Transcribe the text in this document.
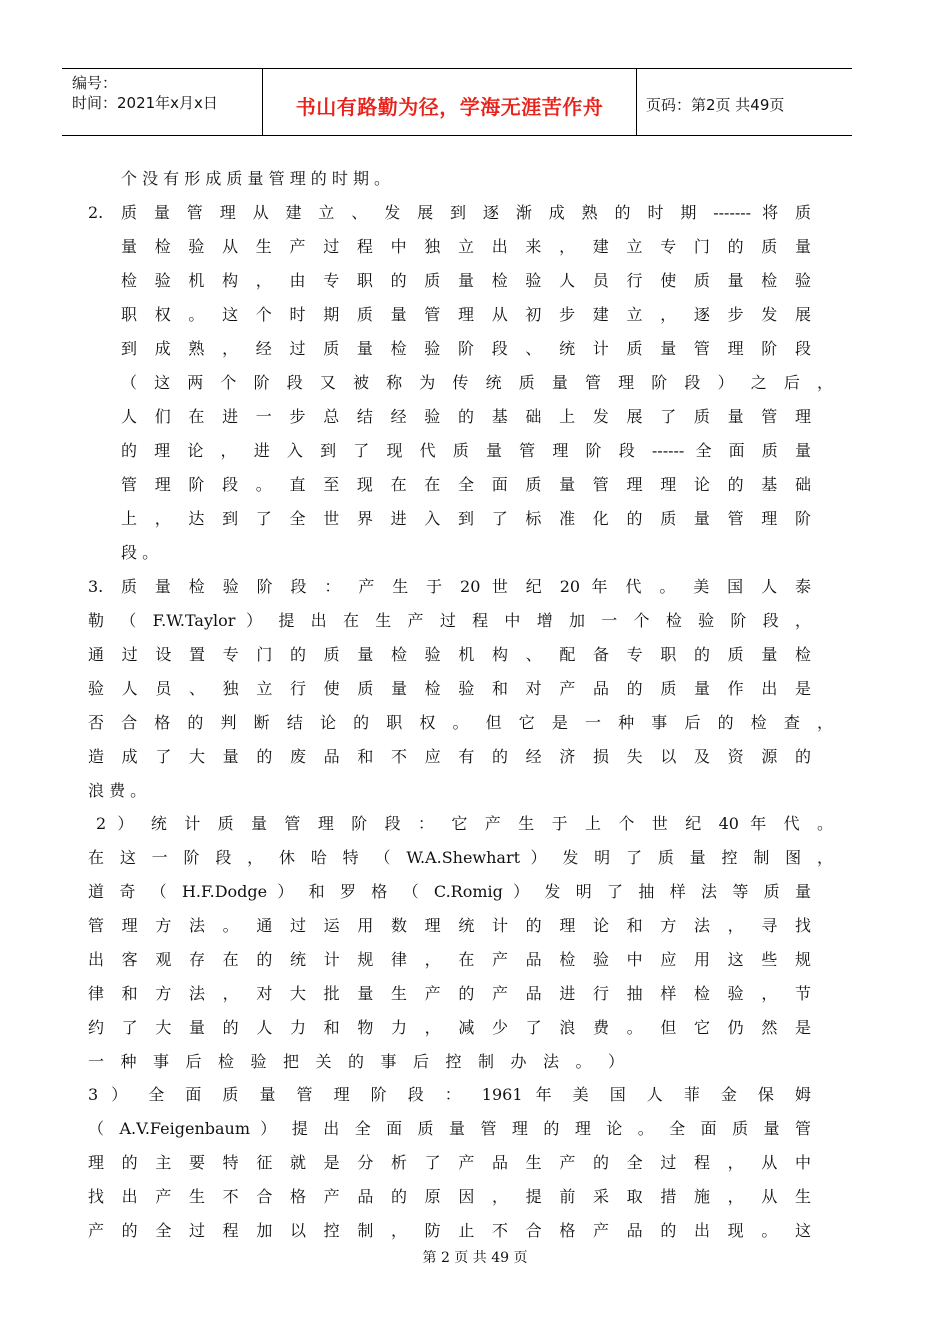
编号：
时间：2021年x月x日	书山有路勤为径，学海无涯苦作舟	页码：第2页 共49页
个 没 有 形 成 质 量 管 理 的 时 期 。
2.	质 量 管 理 从 建 立 、 发 展 到 逐 渐 成 熟 的 时 期 ------- 将 质
量 检 验 从 生 产 过 程 中 独 立 出 来 ， 建 立 专 门 的 质 量
检 验 机 构 ， 由 专 职 的 质 量 检 验 人 员 行 使 质 量 检 验
职 权 。 这 个 时 期 质 量 管 理 从 初 步 建 立 ， 逐 步 发 展
到 成 熟 ， 经 过 质 量 检 验 阶 段 、 统 计 质 量 管 理 阶 段
（ 这 两 个 阶 段 又 被 称 为 传 统 质 量 管 理 阶 段 ） 之 后 ，
人 们 在 进 一 步 总 结 经 验 的 基 础 上 发 展 了 质 量 管 理
的 理 论 ， 进 入 到 了 现 代 质 量 管 理 阶 段 ------ 全 面 质 量
管 理 阶 段 。 直 至 现 在 在 全 面 质 量 管 理 理 论 的 基 础
上 ， 达 到 了 全 世 界 进 入 到 了 标 准 化 的 质 量 管 理 阶
段 。
3.	质 量 检 验 阶 段 ： 产 生 于 20 世 纪 20 年 代 。 美 国 人 泰
勒 （ F.W.Taylor ） 提 出 在 生 产 过 程 中 增 加 一 个 检 验 阶 段 ，
通 过 设 置 专 门 的 质 量 检 验 机 构 、 配 备 专 职 的 质 量 检
验 人 员 、 独 立 行 使 质 量 检 验 和 对 产 品 的 质 量 作 出 是
否 合 格 的 判 断 结 论 的 职 权 。 但 它 是 一 种 事 后 的 检 查 ，
造 成 了 大 量 的 废 品 和 不 应 有 的 经 济 损 失 以 及 资 源 的
浪 费 。
2 ） 统 计 质 量 管 理 阶 段 ： 它 产 生 于 上 个 世 纪 40 年 代 。
在 这 一 阶 段 ， 休 哈 特 （ W.A.Shewhart ） 发 明 了 质 量 控 制 图 ，
道 奇 （ H.F.Dodge ） 和 罗 格 （ C.Romig ） 发 明 了 抽 样 法 等 质 量
管 理 方 法 。 通 过 运 用 数 理 统 计 的 理 论 和 方 法 ， 寻 找
出 客 观 存 在 的 统 计 规 律 ， 在 产 品 检 验 中 应 用 这 些 规
律 和 方 法 ， 对 大 批 量 生 产 的 产 品 进 行 抽 样 检 验 ， 节
约 了 大 量 的 人 力 和 物 力 ， 减 少 了 浪 费 。 但 它 仍 然 是
一 种 事 后 检 验 把 关 的 事 后 控 制 办 法 。 ）
3 ） 全 面 质 量 管 理 阶 段 ： 1961 年 美 国 人 菲 金 保 姆
（ A.V.Feigenbaum ） 提 出 全 面 质 量 管 理 的 理 论 。 全 面 质 量 管
理 的 主 要 特 征 就 是 分 析 了 产 品 生 产 的 全 过 程 ， 从 中
找 出 产 生 不 合 格 产 品 的 原 因 ， 提 前 采 取 措 施 ， 从 生
产 的 全 过 程 加 以 控 制 ， 防 止 不 合 格 产 品 的 出 现 。 这
第 2 页 共 49 页
